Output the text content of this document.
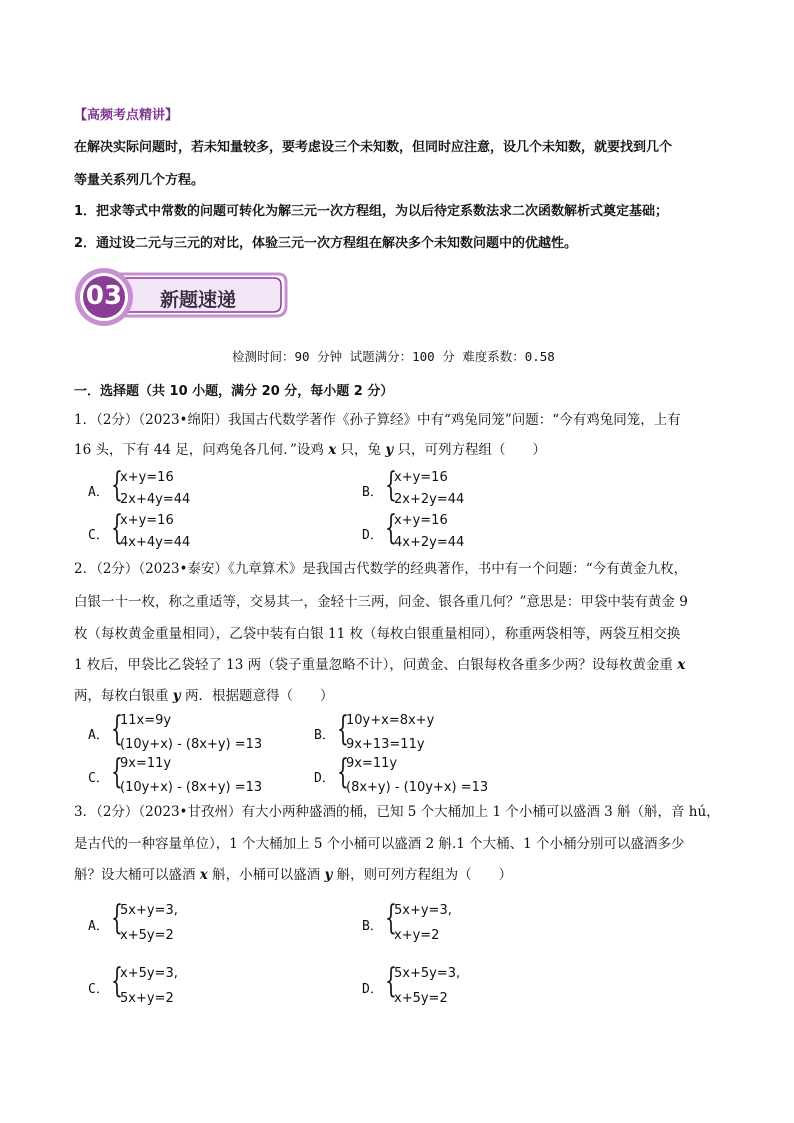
【高频考点精讲】
在解决实际问题时，若未知量较多，要考虑设三个未知数，但同时应注意，设几个未知数，就要找到几个
等量关系列几个方程。
1．把求等式中常数的问题可转化为解三元一次方程组，为以后待定系数法求二次函数解析式奠定基础；
2．通过设二元与三元的对比，体验三元一次方程组在解决多个未知数问题中的优越性。
03 新题速递
检测时间：90 分钟 试题满分：100 分 难度系数：0.58
一．选择题（共 10 小题，满分 20 分，每小题 2 分）
1．（2分）（2023•绵阳）我国古代数学著作《孙子算经》中有“鸡兔同笼”问题：“今有鸡兔同笼，上有
16 头，下有 44 足，问鸡兔各几何．”设鸡 x 只，兔 y 只，可列方程组（　　）
A． {
x+y=16
2x+4y=44	B． {
x+y=16
2x+2y=44
C． {
x+y=16
4x+4y=44	D． {
x+y=16
4x+2y=44
2．（2分）（2023•泰安）《九章算术》是我国古代数学的经典著作，书中有一个问题：“今有黄金九枚，
白银一十一枚，称之重适等，交易其一，金轻十三两，问金、银各重几何？”意思是：甲袋中装有黄金 9
枚（每枚黄金重量相同），乙袋中装有白银 11 枚（每枚白银重量相同），称重两袋相等，两袋互相交换
1 枚后，甲袋比乙袋轻了 13 两（袋子重量忽略不计），问黄金、白银每枚各重多少两？设每枚黄金重 x
两，每枚白银重 y 两．根据题意得（　　）
A． {
11x=9y
(10y+x) - (8x+y) =13
B． {
10y+x=8x+y
9x+13=11y
C． {
9x=11y
(10y+x) - (8x+y) =13
D． {
9x=11y
(8x+y) - (10y+x) =13
3．（2分）（2023•甘孜州）有大小两种盛酒的桶，已知 5 个大桶加上 1 个小桶可以盛酒 3 斛（斛，音 hú，
是古代的一种容量单位），1 个大桶加上 5 个小桶可以盛酒 2 斛.1 个大桶、1 个小桶分别可以盛酒多少
斛？设大桶可以盛酒 x 斛，小桶可以盛酒 y 斛，则可列方程组为（　　）
A． {
5x+y=3,
x+5y=2
B． {
5x+y=3,
x+y=2
C． {
x+5y=3,
5x+y=2
D． {
5x+5y=3,
x+5y=2
